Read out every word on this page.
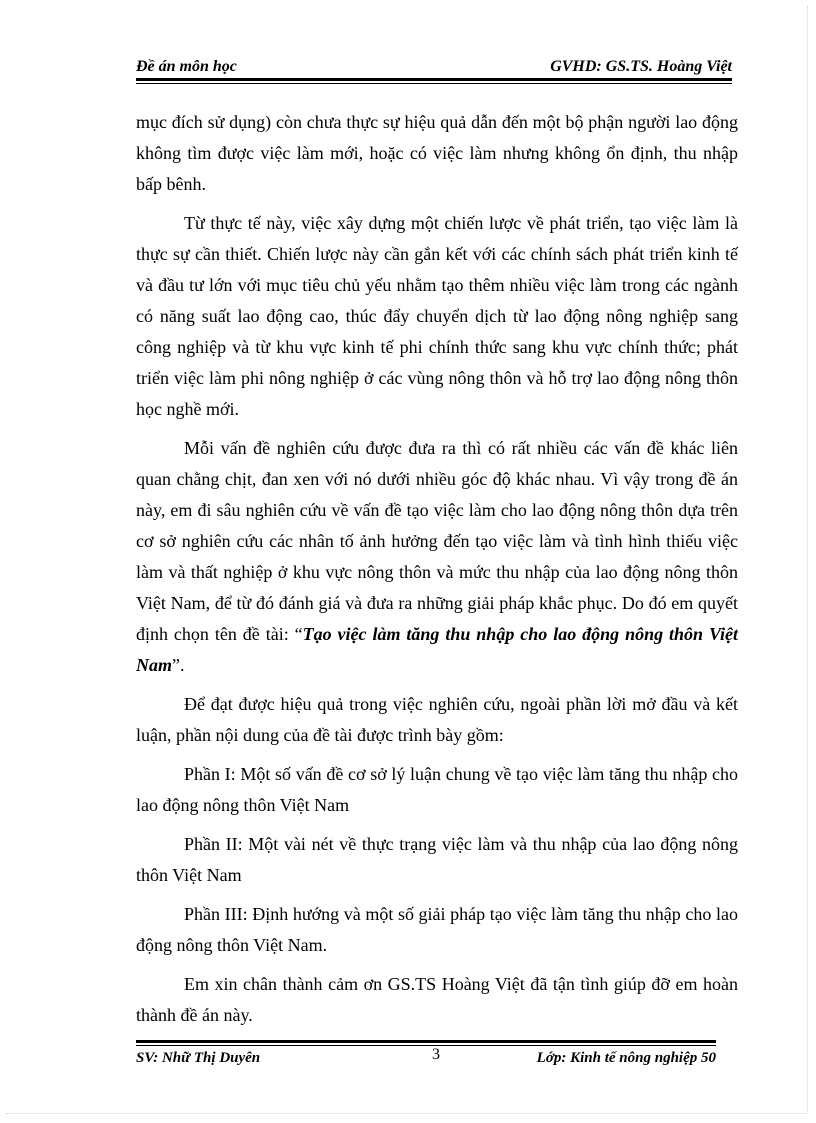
Đề án môn học	GVHD: GS.TS. Hoàng Việt

mục đích sử dụng) còn chưa thực sự hiệu quả dẫn đến một bộ phận người lao động không tìm được việc làm mới, hoặc có việc làm nhưng không ổn định, thu nhập bấp bênh.

Từ thực tế này, việc xây dựng một chiến lược về phát triển, tạo việc làm là thực sự cần thiết. Chiến lược này cần gắn kết với các chính sách phát triển kinh tế và đầu tư lớn với mục tiêu chủ yếu nhằm tạo thêm nhiều việc làm trong các ngành có năng suất lao động cao, thúc đẩy chuyển dịch từ lao động nông nghiệp sang công nghiệp và từ khu vực kinh tế phi chính thức sang khu vực chính thức; phát triển việc làm phi nông nghiệp ở các vùng nông thôn và hỗ trợ lao động nông thôn học nghề mới.

Mỗi vấn đề nghiên cứu được đưa ra thì có rất nhiều các vấn đề khác liên quan chằng chịt, đan xen với nó dưới nhiều góc độ khác nhau. Vì vậy trong đề án này, em đi sâu nghiên cứu về vấn đề tạo việc làm cho lao động nông thôn dựa trên cơ sở nghiên cứu các nhân tố ảnh hưởng đến tạo việc làm và tình hình thiếu việc làm và thất nghiệp ở khu vực nông thôn và mức thu nhập của lao động nông thôn Việt Nam, để từ đó đánh giá và đưa ra những giải pháp khắc phục. Do đó em quyết định chọn tên đề tài: “Tạo việc làm tăng thu nhập cho lao động nông thôn Việt Nam”.

Để đạt được hiệu quả trong việc nghiên cứu, ngoài phần lời mở đầu và kết luận, phần nội dung của đề tài được trình bày gồm:

Phần I: Một số vấn đề cơ sở lý luận chung về tạo việc làm tăng thu nhập cho lao động nông thôn Việt Nam

Phần II: Một vài nét về thực trạng việc làm và thu nhập của lao động nông thôn Việt Nam

Phần III: Định hướng và một số giải pháp tạo việc làm tăng thu nhập cho lao động nông thôn Việt Nam.

Em xin chân thành cảm ơn GS.TS Hoàng Việt đã tận tình giúp đỡ em hoàn thành đề án này.

SV: Nhữ Thị Duyên	3	Lớp: Kinh tế nông nghiệp 50
